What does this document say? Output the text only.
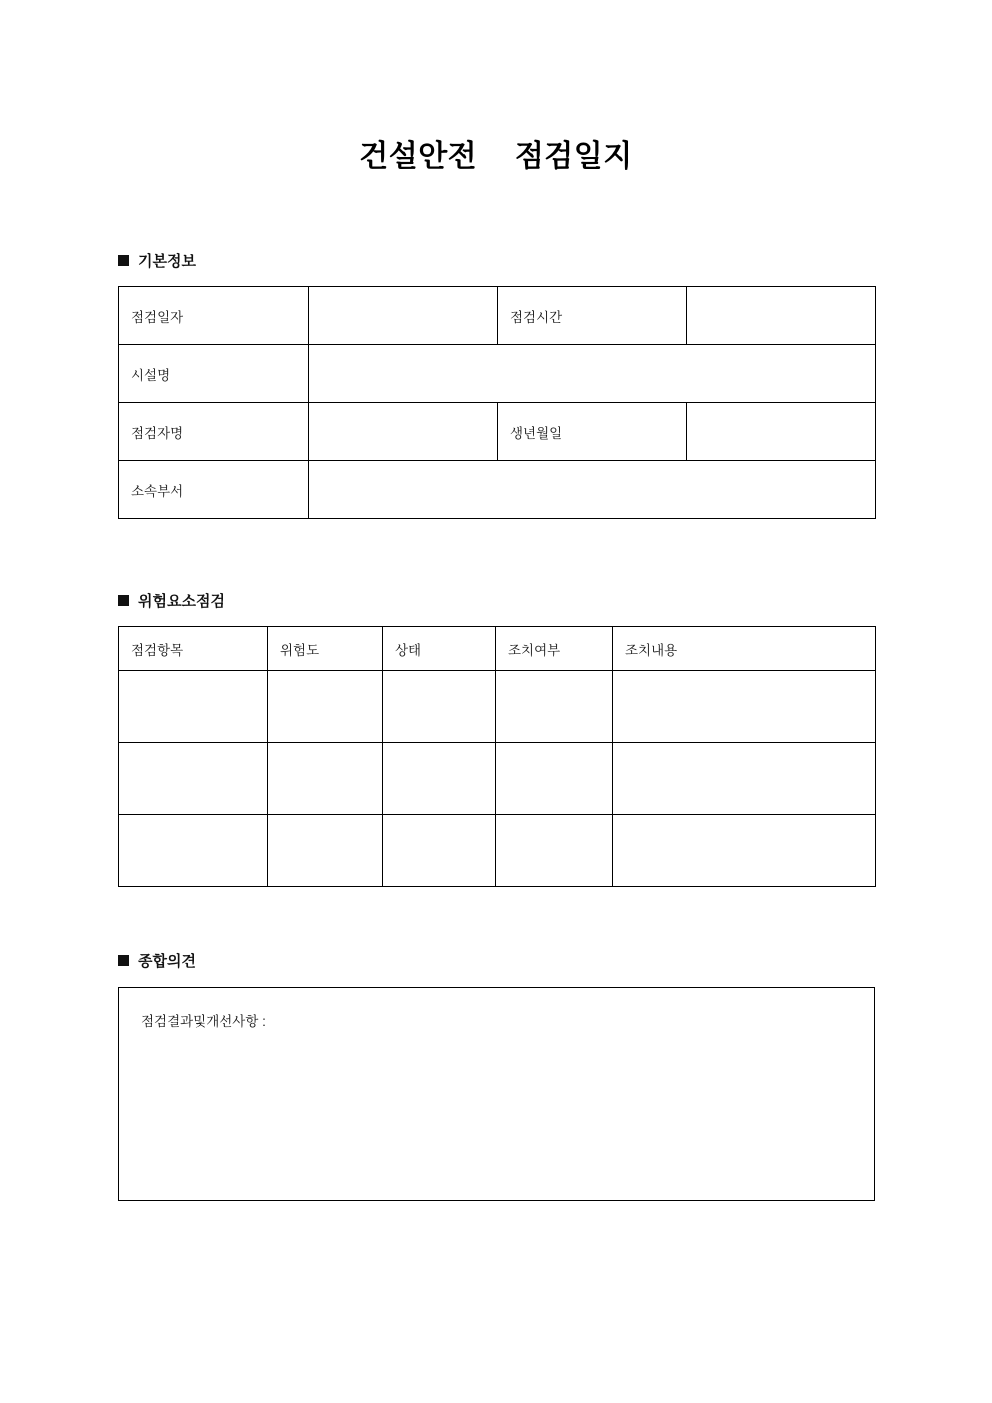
건설안전  점검일지
기본정보
점검일자		점검시간	
시설명			
점검자명		생년월일	
소속부서			
위험요소점검
점검항목	위험도	상태	조치여부	조치내용

종합의견
점검결과및개선사항 :
